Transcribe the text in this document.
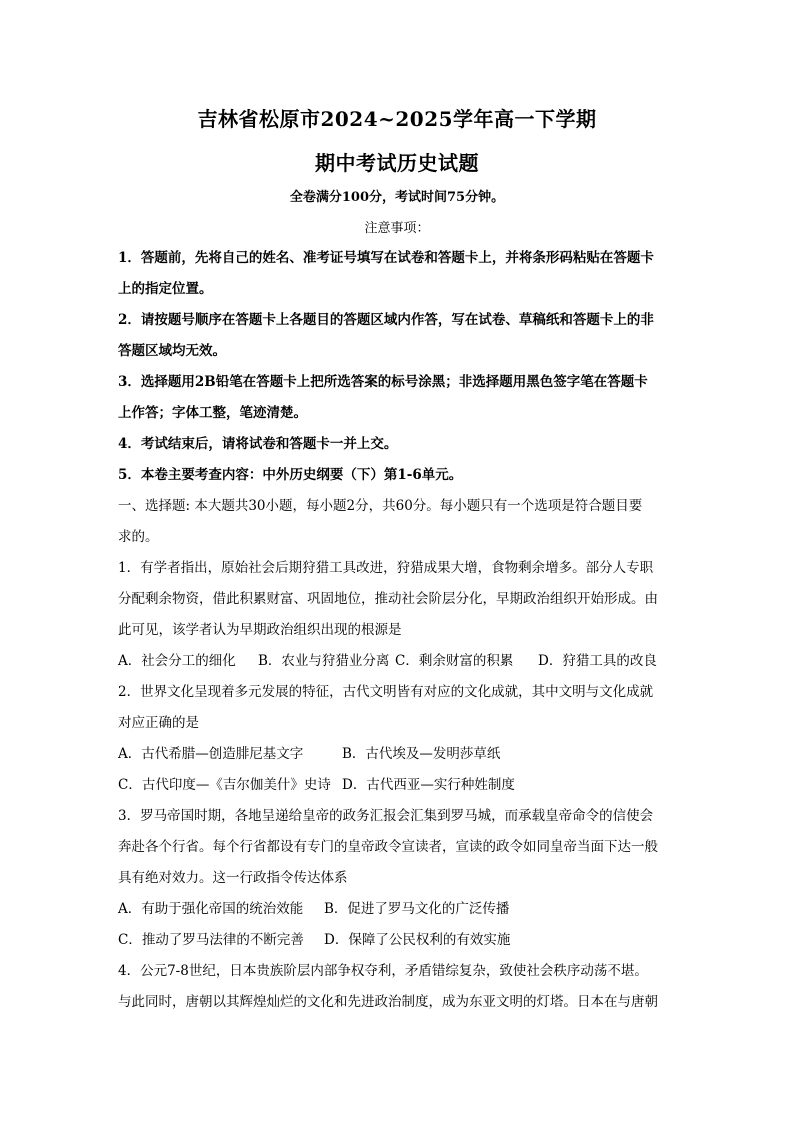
吉林省松原市2024~2025学年高一下学期
期中考试历史试题
全卷满分100分，考试时间75分钟。
注意事项：
1．答题前，先将自己的姓名、准考证号填写在试卷和答题卡上，并将条形码粘贴在答题卡
上的指定位置。
2．请按题号顺序在答题卡上各题目的答题区域内作答，写在试卷、草稿纸和答题卡上的非
答题区域均无效。
3．选择题用2B铅笔在答题卡上把所选答案的标号涂黑；非选择题用黑色签字笔在答题卡
上作答；字体工整，笔迹清楚。
4．考试结束后，请将试卷和答题卡一并上交。
5．本卷主要考查内容：中外历史纲要（下）第1-6单元。
一、选择题: 本大题共30小题，每小题2分，共60分。每小题只有一个选项是符合题目要
求的。
1．有学者指出，原始社会后期狩猎工具改进，狩猎成果大增，食物剩余增多。部分人专职
分配剩余物资，借此积累财富、巩固地位，推动社会阶层分化，早期政治组织开始形成。由
此可见，该学者认为早期政治组织出现的根源是
A．社会分工的细化 B．农业与狩猎业分离 C．剩余财富的积累 D．狩猎工具的改良
2．世界文化呈现着多元发展的特征，古代文明皆有对应的文化成就，其中文明与文化成就
对应正确的是
A．古代希腊—创造腓尼基文字	B．古代埃及—发明莎草纸
C．古代印度—《吉尔伽美什》史诗 D．古代西亚—实行种姓制度
3．罗马帝国时期，各地呈递给皇帝的政务汇报会汇集到罗马城，而承载皇帝命令的信使会
奔赴各个行省。每个行省都设有专门的皇帝政令宣读者，宣读的政令如同皇帝当面下达一般
具有绝对效力。这一行政指令传达体系
A．有助于强化帝国的统治效能 B．促进了罗马文化的广泛传播
C．推动了罗马法律的不断完善 D．保障了公民权利的有效实施
4．公元7-8世纪，日本贵族阶层内部争权夺利，矛盾错综复杂，致使社会秩序动荡不堪。
与此同时，唐朝以其辉煌灿烂的文化和先进政治制度，成为东亚文明的灯塔。日本在与唐朝
